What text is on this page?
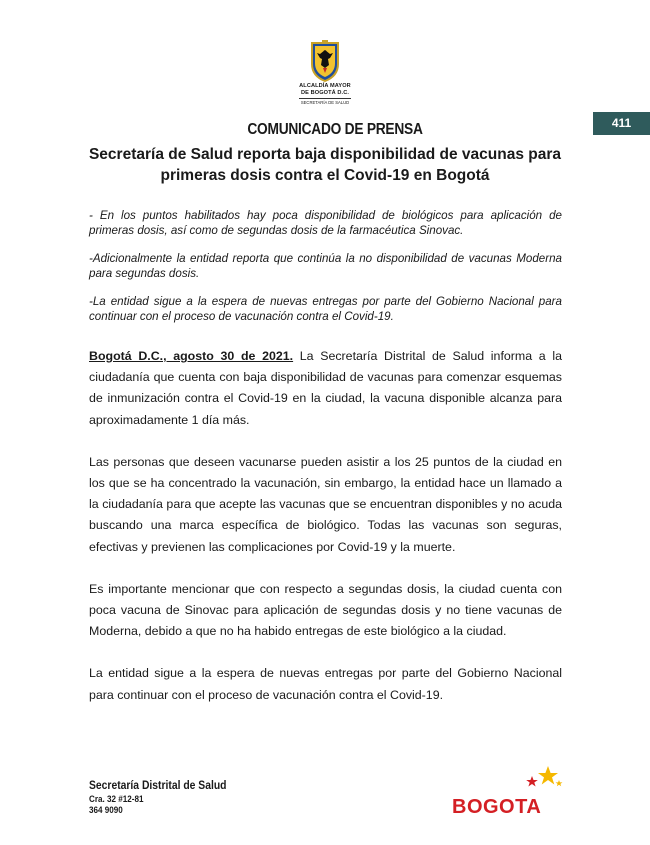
ALCALDÍA MAYOR
DE BOGOTÁ D.C.
SECRETARÍA DE SALUD
411
COMUNICADO DE PRENSA
Secretaría de Salud reporta baja disponibilidad de vacunas para primeras dosis contra el Covid-19 en Bogotá

- En los puntos habilitados hay poca disponibilidad de biológicos para aplicación de primeras dosis, así como de segundas dosis de la farmacéutica Sinovac.

-Adicionalmente la entidad reporta que continúa la no disponibilidad de vacunas Moderna para segundas dosis.

-La entidad sigue a la espera de nuevas entregas por parte del Gobierno Nacional para continuar con el proceso de vacunación contra el Covid-19.

Bogotá D.C., agosto 30 de 2021. La Secretaría Distrital de Salud informa a la ciudadanía que cuenta con baja disponibilidad de vacunas para comenzar esquemas de inmunización contra el Covid-19 en la ciudad, la vacuna disponible alcanza para aproximadamente 1 día más.

Las personas que deseen vacunarse pueden asistir a los 25 puntos de la ciudad en los que se ha concentrado la vacunación, sin embargo, la entidad hace un llamado a la ciudadanía para que acepte las vacunas que se encuentran disponibles y no acuda buscando una marca específica de biológico. Todas las vacunas son seguras, efectivas y previenen las complicaciones por Covid-19 y la muerte.

Es importante mencionar que con respecto a segundas dosis, la ciudad cuenta con poca vacuna de Sinovac para aplicación de segundas dosis y no tiene vacunas de Moderna, debido a que no ha habido entregas de este biológico a la ciudad.

La entidad sigue a la espera de nuevas entregas por parte del Gobierno Nacional para continuar con el proceso de vacunación contra el Covid-19.

Secretaría Distrital de Salud
Cra. 32 #12-81
364 9090	BOGOTA
